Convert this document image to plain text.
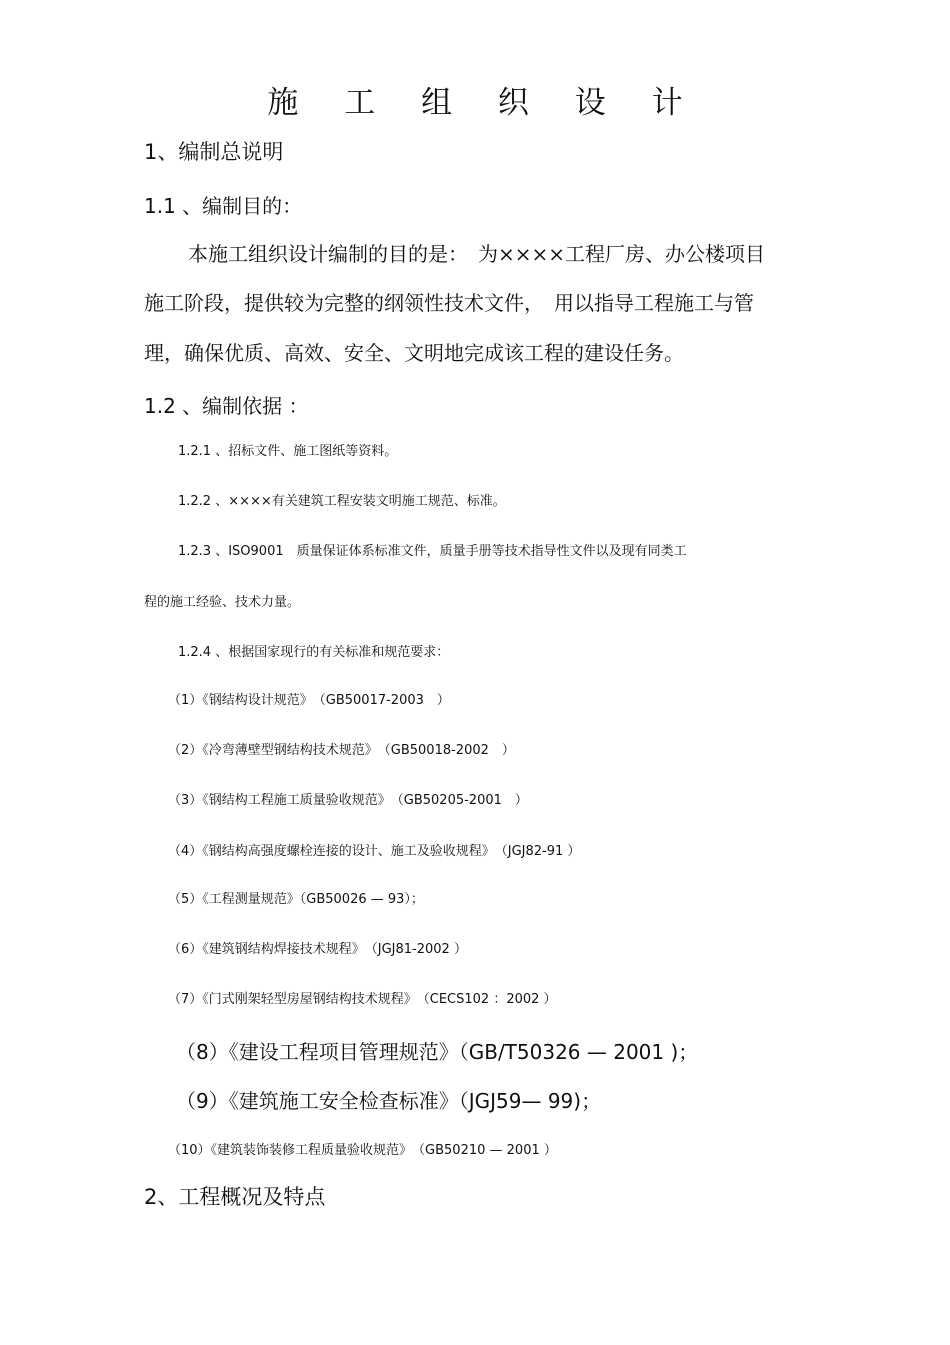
施 工 组 织 设 计
1、编制总说明
1.1 、编制目的：
本施工组织设计编制的目的是：　为××××工程厂房、办公楼项目
施工阶段，提供较为完整的纲领性技术文件，　用以指导工程施工与管
理，确保优质、高效、安全、文明地完成该工程的建设任务。
1.2 、编制依据 ：
1.2.1 、招标文件、施工图纸等资料。
1.2.2 、××××有关建筑工程安装文明施工规范、标准。
1.2.3 、ISO9001　质量保证体系标准文件，质量手册等技术指导性文件以及现有同类工
程的施工经验、技术力量。
1.2.4 、根据国家现行的有关标准和规范要求：
（1）《钢结构设计规范》　（GB50017-2003　）
（2）《冷弯薄壁型钢结构技术规范》　（GB50018-2002　）
（3）《钢结构工程施工质量验收规范》　（GB50205-2001　）
（4）《钢结构高强度螺栓连接的设计、施工及验收规程》　（JGJ82-91 ）
（5）《工程测量规范》（GB50026 — 93）；
（6）《建筑钢结构焊接技术规程》　（JGJ81-2002 ）
（7）《门式刚架轻型房屋钢结构技术规程》　（CECS102 ：2002 ）
（8）《建设工程项目管理规范》（GB/T50326 — 2001 )；
（9）《建筑施工安全检查标准》（JGJ59— 99)；
（10）《建筑装饰装修工程质量验收规范》　（GB50210 — 2001 ）
2、工程概况及特点
